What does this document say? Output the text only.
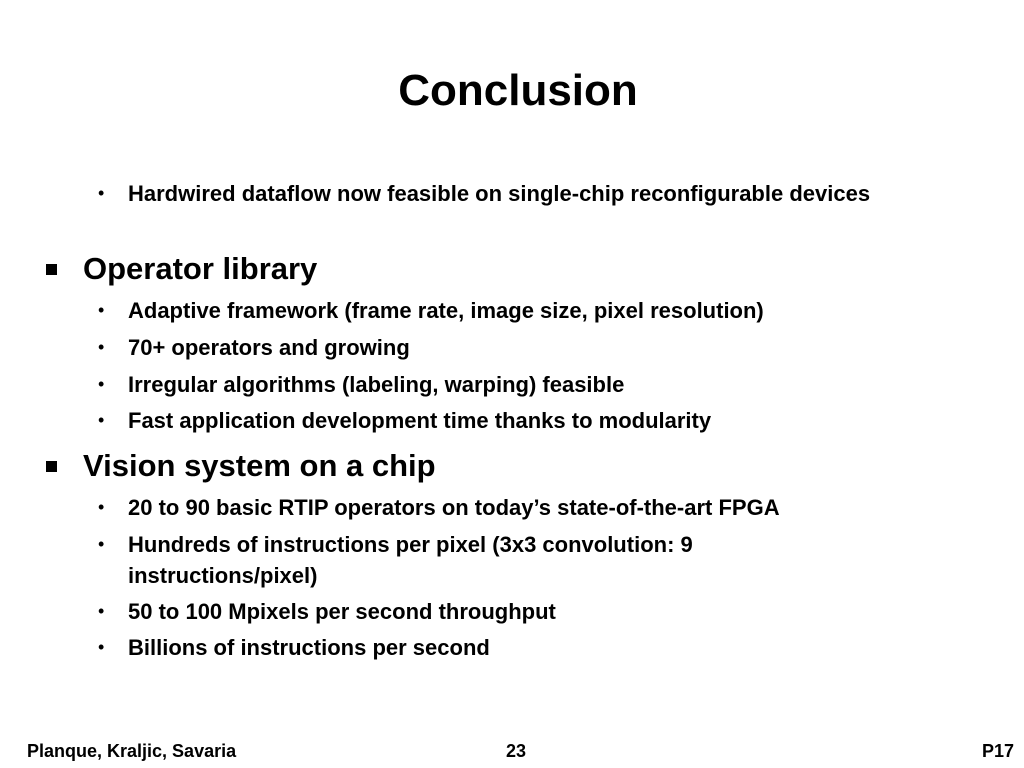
Conclusion
• Hardwired dataflow now feasible on single-chip reconfigurable devices
Operator library
• Adaptive framework (frame rate, image size, pixel resolution)
• 70+ operators and growing
• Irregular algorithms (labeling, warping) feasible
• Fast application development time thanks to modularity
Vision system on a chip
• 20 to 90 basic RTIP operators on today’s state-of-the-art FPGA
• Hundreds of instructions per pixel (3x3 convolution: 9 instructions/pixel)
• 50 to 100 Mpixels per second throughput
• Billions of instructions per second
Planque, Kraljic, Savaria	23	P17
